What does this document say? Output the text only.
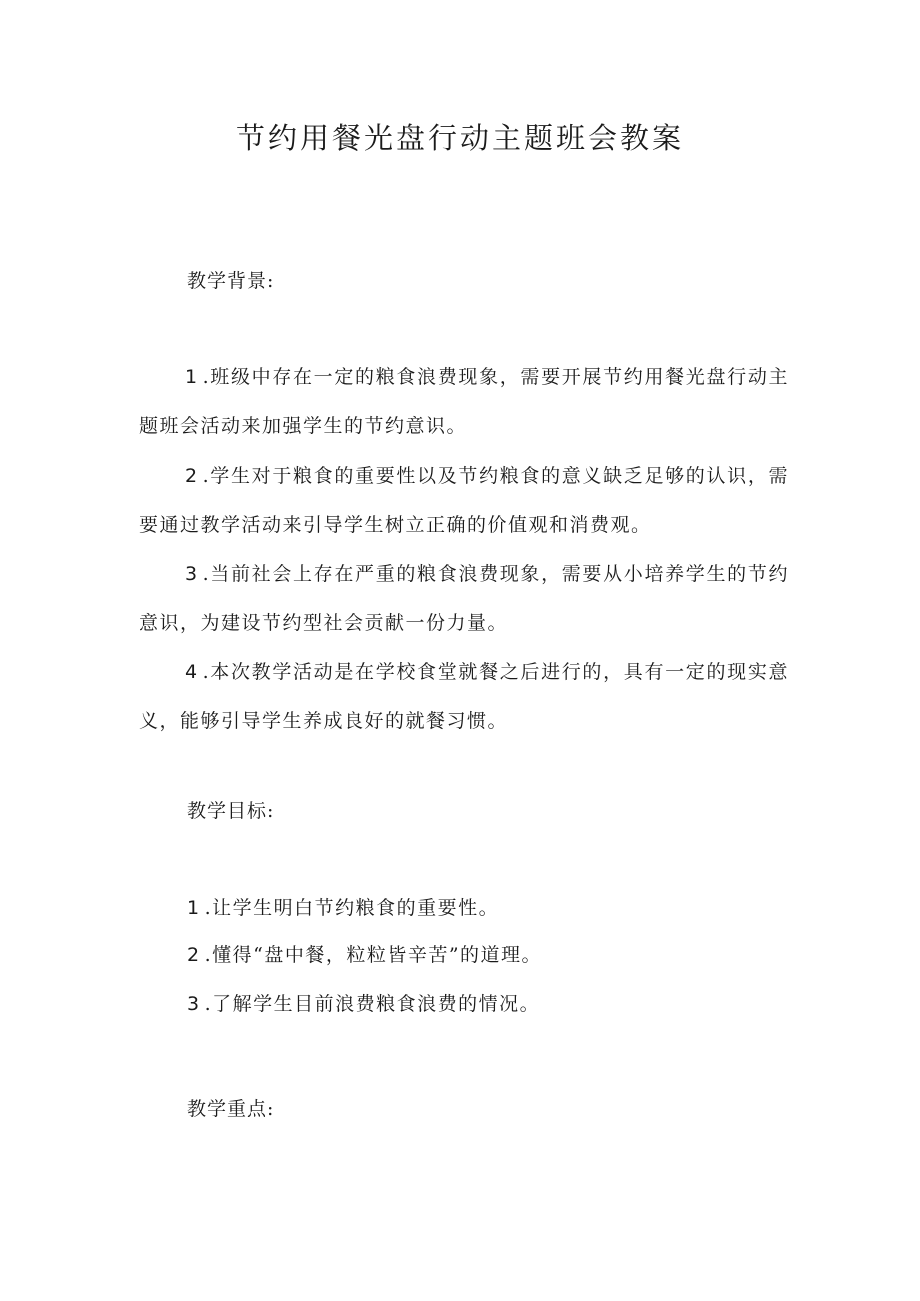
节约用餐光盘行动主题班会教案

教学背景:

1 .班级中存在一定的粮食浪费现象，需要开展节约用餐光盘行动主题班会活动来加强学生的节约意识。

2 .学生对于粮食的重要性以及节约粮食的意义缺乏足够的认识，需要通过教学活动来引导学生树立正确的价值观和消费观。

3 .当前社会上存在严重的粮食浪费现象，需要从小培养学生的节约意识，为建设节约型社会贡献一份力量。

4 .本次教学活动是在学校食堂就餐之后进行的，具有一定的现实意义，能够引导学生养成良好的就餐习惯。

教学目标:

1 .让学生明白节约粮食的重要性。

2 .懂得“盘中餐，粒粒皆辛苦”的道理。

3 .了解学生目前浪费粮食浪费的情况。

教学重点:
